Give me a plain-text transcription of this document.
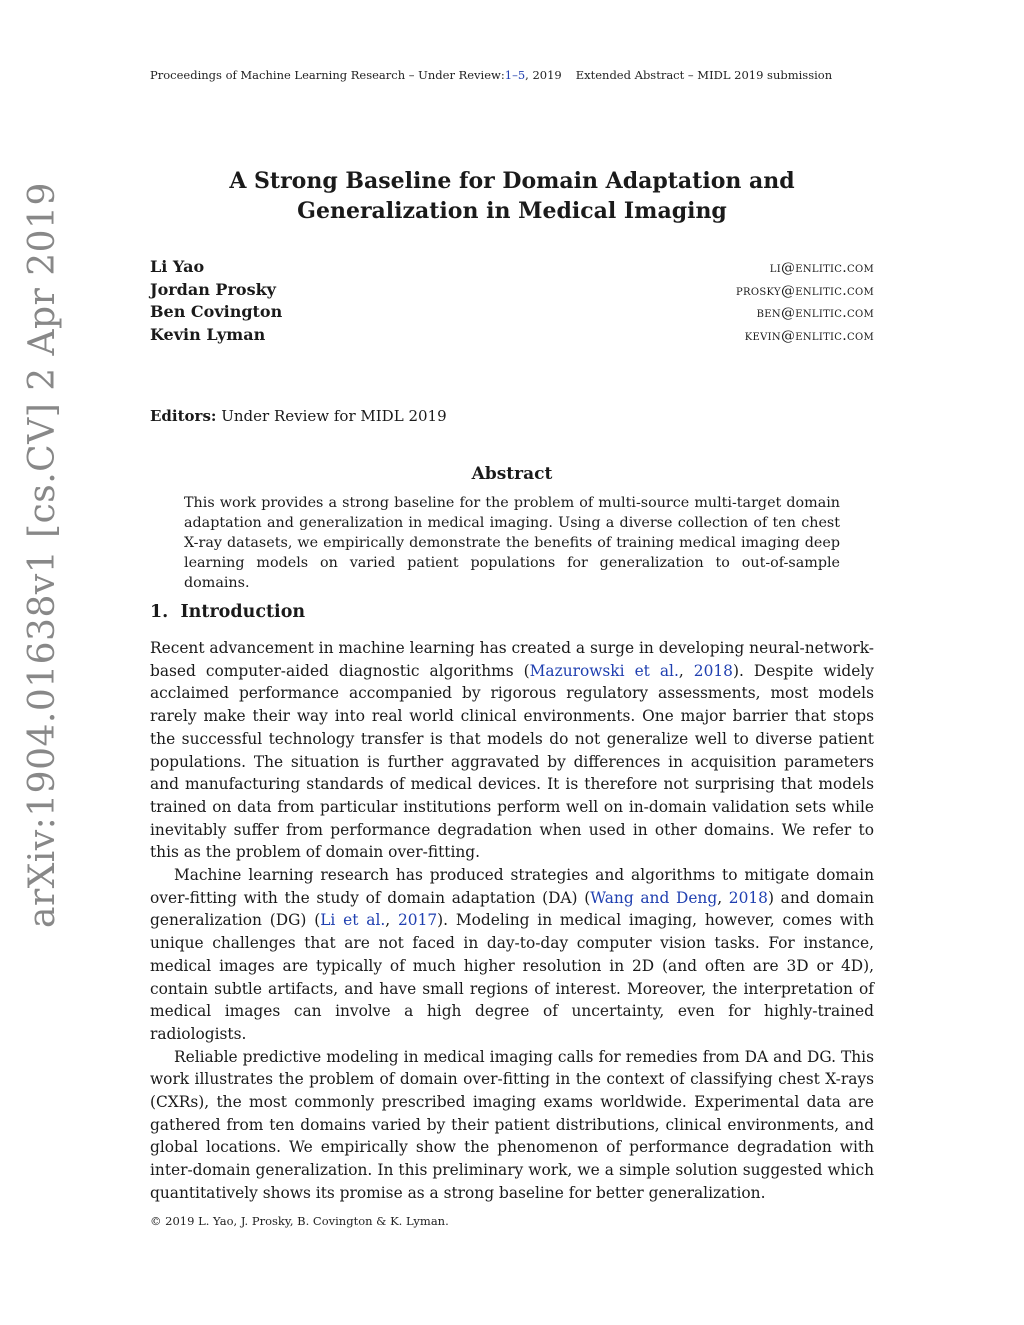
Proceedings of Machine Learning Research – Under Review:1–5, 2019 Extended Abstract – MIDL 2019 submission
arXiv:1904.01638v1 [cs.CV] 2 Apr 2019
A Strong Baseline for Domain Adaptation and
Generalization in Medical Imaging
Li Yao	li@enlitic.com
Jordan Prosky	prosky@enlitic.com
Ben Covington	ben@enlitic.com
Kevin Lyman	kevin@enlitic.com
Editors: Under Review for MIDL 2019
Abstract
This work provides a strong baseline for the problem of multi-source multi-target domain adaptation and generalization in medical imaging. Using a diverse collection of ten chest X-ray datasets, we empirically demonstrate the benefits of training medical imaging deep learning models on varied patient populations for generalization to out-of-sample domains.
1. Introduction

Recent advancement in machine learning has created a surge in developing neural-network-based computer-aided diagnostic algorithms (Mazurowski et al., 2018). Despite widely acclaimed performance accompanied by rigorous regulatory assessments, most models rarely make their way into real world clinical environments. One major barrier that stops the successful technology transfer is that models do not generalize well to diverse patient populations. The situation is further aggravated by differences in acquisition parameters and manufacturing standards of medical devices. It is therefore not surprising that models trained on data from particular institutions perform well on in-domain validation sets while inevitably suffer from performance degradation when used in other domains. We refer to this as the problem of domain over-fitting.

Machine learning research has produced strategies and algorithms to mitigate domain over-fitting with the study of domain adaptation (DA) (Wang and Deng, 2018) and domain generalization (DG) (Li et al., 2017). Modeling in medical imaging, however, comes with unique challenges that are not faced in day-to-day computer vision tasks. For instance, medical images are typically of much higher resolution in 2D (and often are 3D or 4D), contain subtle artifacts, and have small regions of interest. Moreover, the interpretation of medical images can involve a high degree of uncertainty, even for highly-trained radiologists.

Reliable predictive modeling in medical imaging calls for remedies from DA and DG. This work illustrates the problem of domain over-fitting in the context of classifying chest X-rays (CXRs), the most commonly prescribed imaging exams worldwide. Experimental data are gathered from ten domains varied by their patient distributions, clinical environments, and global locations. We empirically show the phenomenon of performance degradation with inter-domain generalization. In this preliminary work, we a simple solution suggested which quantitatively shows its promise as a strong baseline for better generalization.

© 2019 L. Yao, J. Prosky, B. Covington & K. Lyman.
